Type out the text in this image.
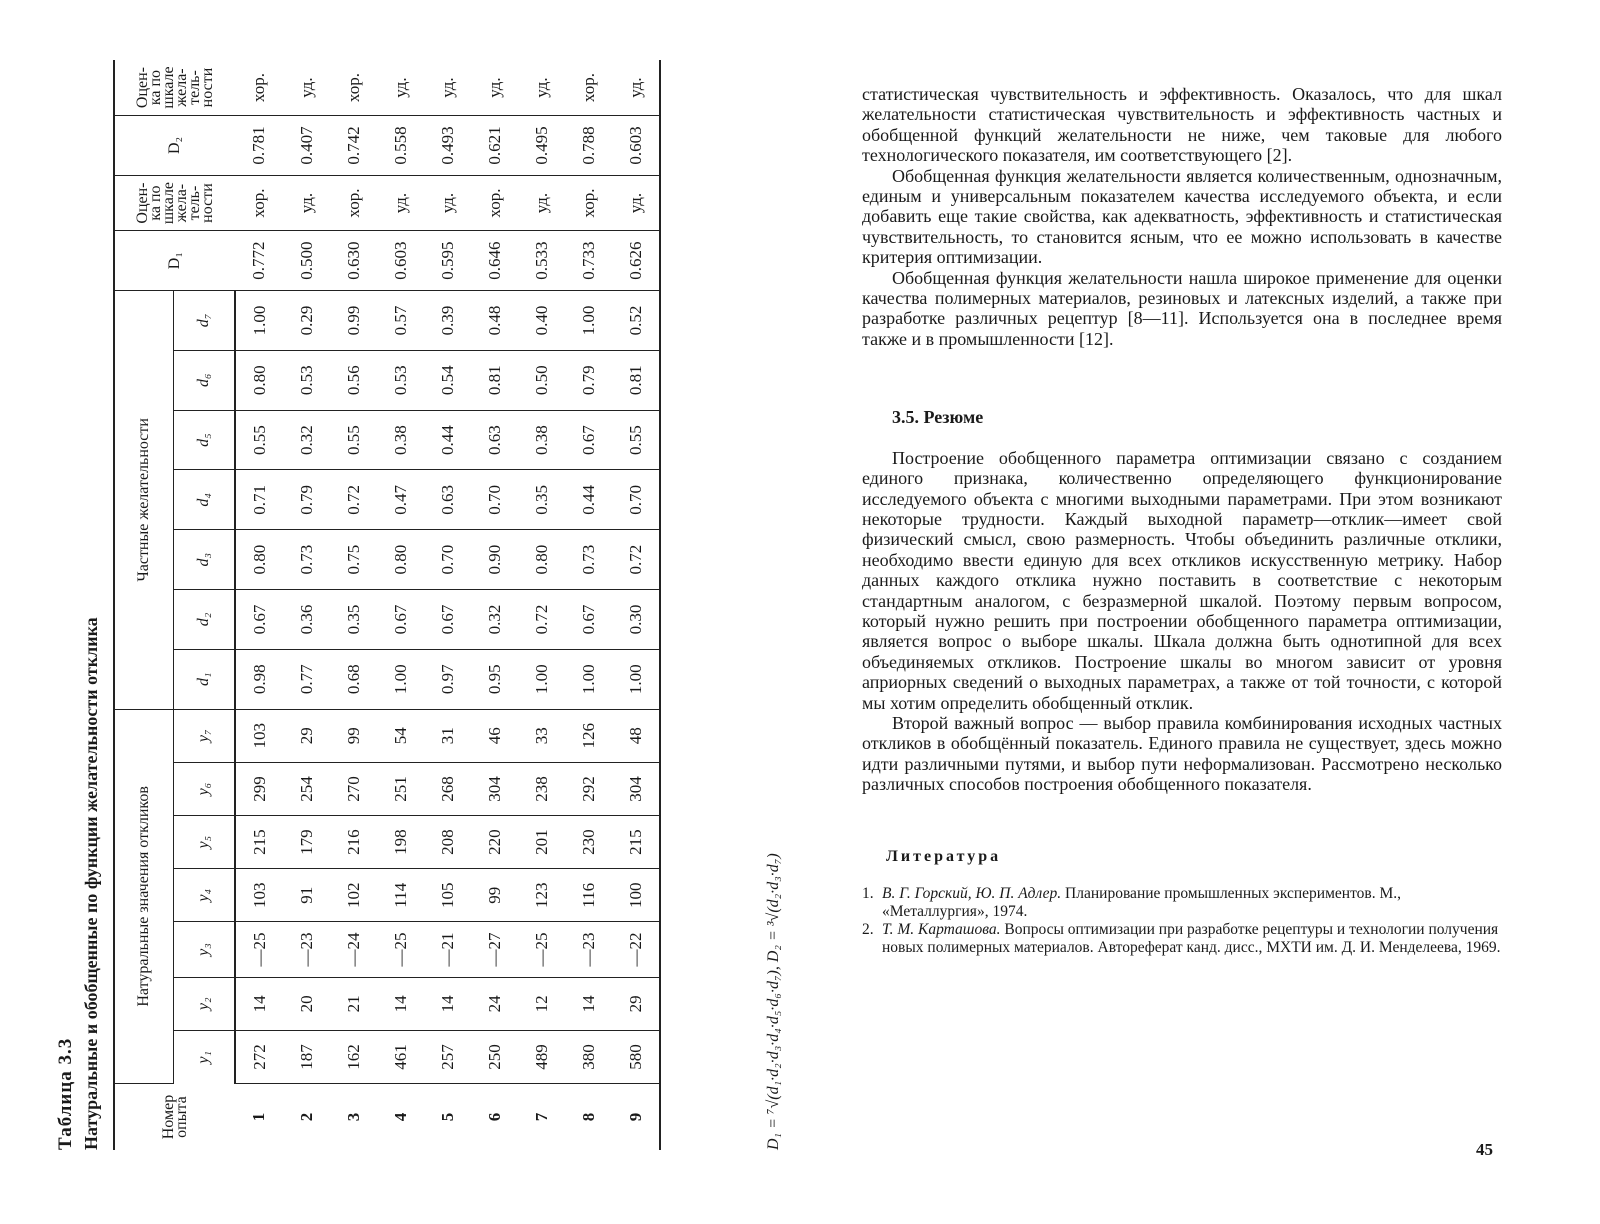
Таблица 3.3 Натуральные и обобщенные по функции желательности отклика	Номер опыта	Натуральные значения откликов							Частные желательности							D₁	Оцен-ка по шкале жела-тель-ности	D₂	Оцен-ка по шкале жела-тель-ности
	y₁	y₂	y₃	y₄	y₅	y₆	y₇	d₁	d₂	d₃	d₄	d₅	d₆	d₇				
1	272	14	—25	103	215	299	103	0.98	0.67	0.80	0.71	0.55	0.80	1.00	0.772	хор.	0.781	хор.
2	187	20	—23	91	179	254	29	0.77	0.36	0.73	0.79	0.32	0.53	0.29	0.500	уд.	0.407	уд.
3	162	21	—24	102	216	270	99	0.68	0.35	0.75	0.72	0.55	0.56	0.99	0.630	хор.	0.742	хор.
4	461	14	—25	114	198	251	54	1.00	0.67	0.80	0.47	0.38	0.53	0.57	0.603	уд.	0.558	уд.
5	257	14	—21	105	208	268	31	0.97	0.67	0.70	0.63	0.44	0.54	0.39	0.595	уд.	0.493	уд.
6	250	24	—27	99	220	304	46	0.95	0.32	0.90	0.70	0.63	0.81	0.48	0.646	хор.	0.621	уд.
7	489	12	—25	123	201	238	33	1.00	0.72	0.80	0.35	0.38	0.50	0.40	0.533	уд.	0.495	уд.
8	380	14	—23	116	230	292	126	1.00	0.67	0.73	0.44	0.67	0.79	1.00	0.733	хор.	0.788	хор.
9	580	29	—22	100	215	304	48	1.00	0.30	0.72	0.70	0.55	0.81	0.52	0.626	уд.	0.603	уд.
D₁ = ⁷√(d₁·d₂·d₃·d₄·d₅·d₆·d₇), D₂ = ³√(d₂·d₃·d₇)

статистическая чувствительность и эффективность. Оказалось, что для шкал желательности статистическая чувствительность и эффективность частных и обобщенной функций желательности не ниже, чем таковые для любого технологического показателя, им соответствующего [2].

Обобщенная функция желательности является количественным, однозначным, единым и универсальным показателем качества исследуемого объекта, и если добавить еще такие свойства, как адекватность, эффективность и статистическая чувствительность, то становится ясным, что ее можно использовать в качестве критерия оптимизации.

Обобщенная функция желательности нашла широкое применение для оценки качества полимерных материалов, резиновых и латексных изделий, а также при разработке различных рецептур [8—11]. Используется она в последнее время также и в промышленности [12].

3.5. Резюме

Построение обобщенного параметра оптимизации связано с созданием единого признака, количественно определяющего функционирование исследуемого объекта с многими выходными параметрами. При этом возникают некоторые трудности. Каждый выходной параметр—отклик—имеет свой физический смысл, свою размерность. Чтобы объединить различные отклики, необходимо ввести единую для всех откликов искусственную метрику. Набор данных каждого отклика нужно поставить в соответствие с некоторым стандартным аналогом, с безразмерной шкалой. Поэтому первым вопросом, который нужно решить при построении обобщенного параметра оптимизации, является вопрос о выборе шкалы. Шкала должна быть однотипной для всех объединяемых откликов. Построение шкалы во многом зависит от уровня априорных сведений о выходных параметрах, а также от той точности, с которой мы хотим определить обобщенный отклик.

Второй важный вопрос — выбор правила комбинирования исходных частных откликов в обобщённый показатель. Единого правила не существует, здесь можно идти различными путями, и выбор пути неформализован. Рассмотрено несколько различных способов построения обобщенного показателя.

Литература
1. В. Г. Горский, Ю. П. Адлер. Планирование промышленных экспериментов. М., «Металлургия», 1974.
2. Т. М. Карташова. Вопросы оптимизации при разработке рецептуры и технологии получения новых полимерных материалов. Автореферат канд. дисс., МХТИ им. Д. И. Менделеева, 1969.
45
